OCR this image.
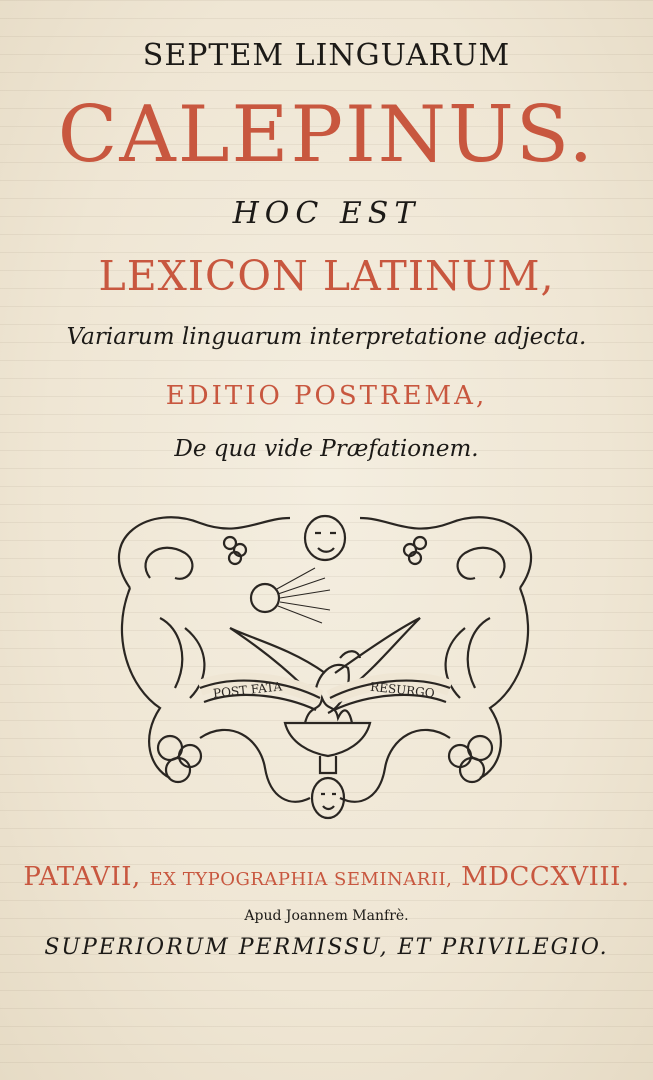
SEPTEM LINGUARUM
CALEPINUS.
HOC EST
LEXICON LATINUM,
Variarum linguarum interpretatione adjecta.
EDITIO POSTREMA,
De qua vide Præfationem.
POST FATA	RESURGO
PATAVII, EX TYPOGRAPHIA SEMINARII, MDCCXVIII.
Apud Joannem Manfrè.
SUPERIORUM PERMISSU, ET PRIVILEGIO.
